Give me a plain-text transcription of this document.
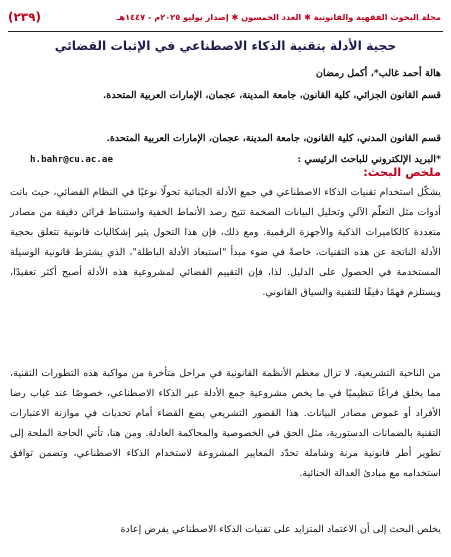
مجلة البحوث الفقهية والقانونية ✱ العدد الخمسون ✱ إصدار يوليو ٢٠٢٥م - ١٤٤٧هـ
(٢٣٩)
حجية الأدلة بتقنية الذكاء الاصطناعي في الإثبات القضائي
هالة أحمد غالب*، أكمل رمضان
قسم القانون الجزائي، كلية القانون، جامعة المدينة، عجمان، الإمارات العربية المتحدة.
قسم القانون المدني، كلية القانون، جامعة المدينة، عجمان، الإمارات العربية المتحدة.
*البريد الإلكتروني للباحث الرئيسي :
h.bahr@cu.ac.ae
ملخص البحث:
يشكّل استخدام تقنيات الذكاء الاصطناعي في جمع الأدلة الجنائية تحولًا نوعيًا في النظام القضائي، حيث باتت أدوات مثل التعلّم الآلي وتحليل البيانات الضخمة تتيح رصد الأنماط الخفية واستنباط قرائن دقيقة من مصادر متعددة كالكاميرات الذكية والأجهزة الرقمية. ومع ذلك، فإن هذا التحول يثير إشكاليات قانونية تتعلق بحجية الأدلة الناتجة عن هذه التقنيات، خاصةً في ضوء مبدأ "استبعاد الأدلة الباطلة"، الذي يشترط قانونية الوسيلة المستخدمة في الحصول على الدليل. لذا، فإن التقييم القضائي لمشروعية هذه الأدلة أصبح أكثر تعقيدًا، ويستلزم فهمًا دقيقًا للتقنية والسياق القانوني.
من الناحية التشريعية، لا تزال معظم الأنظمة القانونية في مراحل متأخرة من مواكبة هذه التطورات التقنية، مما يخلق فراغًا تنظيميًا في ما يخص مشروعية جمع الأدلة عبر الذكاء الاصطناعي، خصوصًا عند غياب رضا الأفراد أو غموض مصادر البيانات. هذا القصور التشريعي يضع القضاء أمام تحديات في موازنة الاعتبارات التقنية بالضمانات الدستورية، مثل الحق في الخصوصية والمحاكمة العادلة. ومن هنا، تأتي الحاجة الملحة إلى تطوير أطر قانونية مرنة وشاملة تحدّد المعايير المشروعة لاستخدام الذكاء الاصطناعي، وتضمن توافق استخدامه مع مبادئ العدالة الجنائية.
يخلص البحث إلى أن الاعتماد المتزايد على تقنيات الذكاء الاصطناعي يفرض إعادة
